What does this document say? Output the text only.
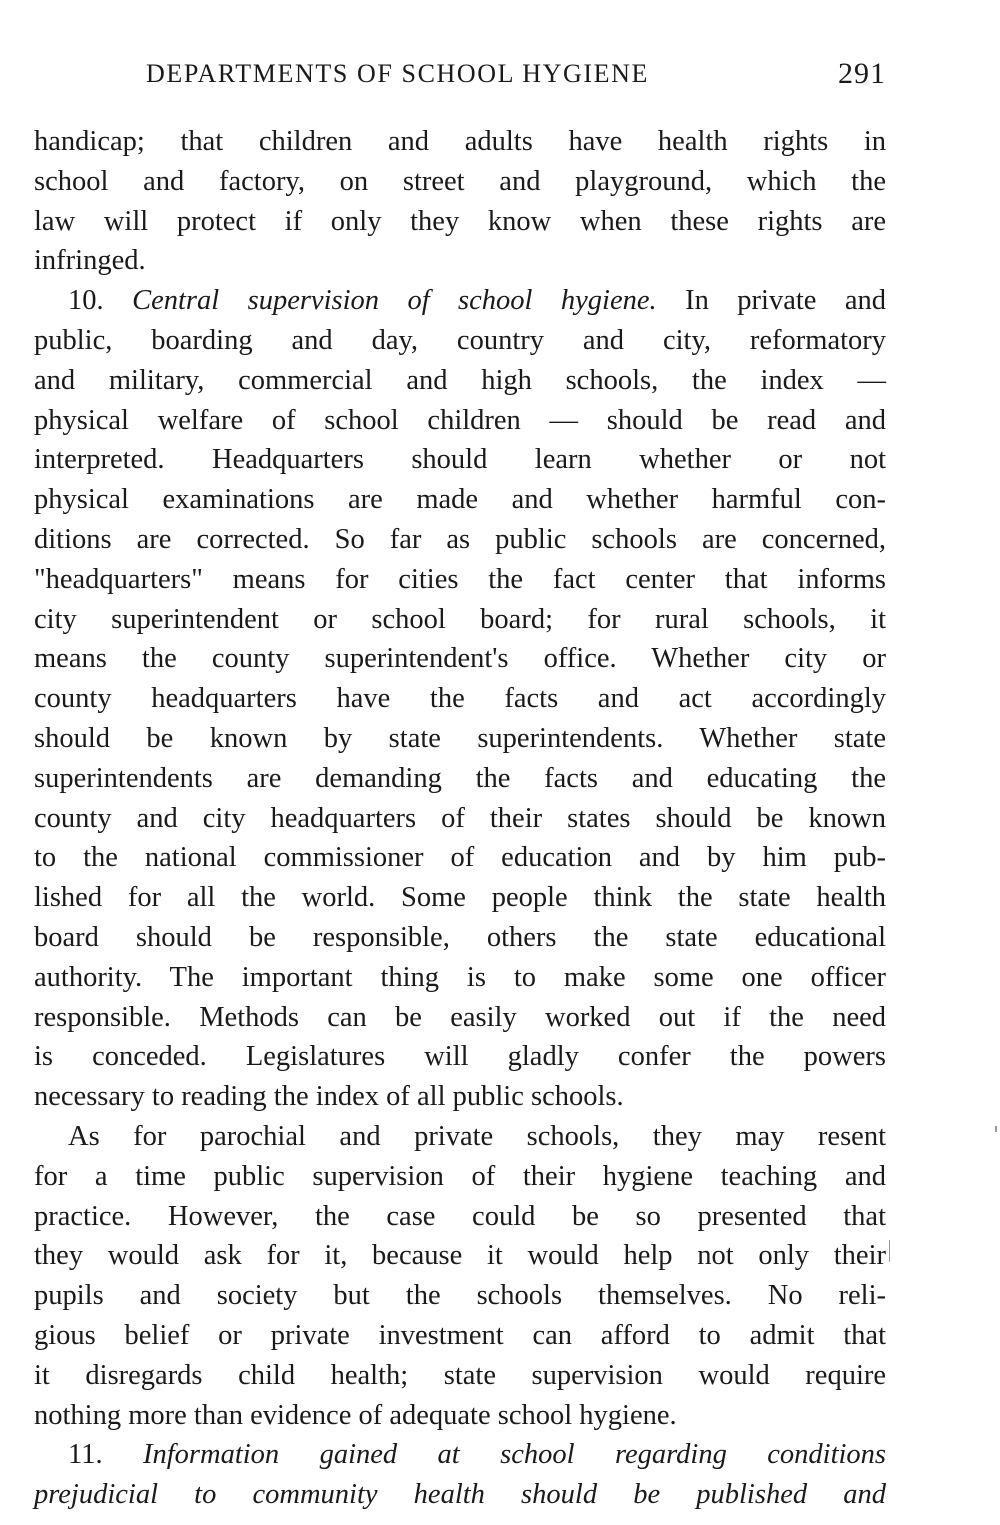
DEPARTMENTS OF SCHOOL HYGIENE	291
handicap; that children and adults have health rights in
school and factory, on street and playground, which the
law will protect if only they know when these rights are
infringed.
10. Central supervision of school hygiene. In private and
public, boarding and day, country and city, reformatory
and military, commercial and high schools, the index —
physical welfare of school children — should be read and
interpreted. Headquarters should learn whether or not
physical examinations are made and whether harmful con-
ditions are corrected. So far as public schools are concerned,
"headquarters" means for cities the fact center that informs
city superintendent or school board; for rural schools, it
means the county superintendent's office. Whether city or
county headquarters have the facts and act accordingly
should be known by state superintendents. Whether state
superintendents are demanding the facts and educating the
county and city headquarters of their states should be known
to the national commissioner of education and by him pub-
lished for all the world. Some people think the state health
board should be responsible, others the state educational
authority. The important thing is to make some one officer
responsible. Methods can be easily worked out if the need
is conceded. Legislatures will gladly confer the powers
necessary to reading the index of all public schools.
As for parochial and private schools, they may resent
for a time public supervision of their hygiene teaching and
practice. However, the case could be so presented that
they would ask for it, because it would help not only their
pupils and society but the schools themselves. No reli-
gious belief or private investment can afford to admit that
it disregards child health; state supervision would require
nothing more than evidence of adequate school hygiene.
11. Information gained at school regarding conditions
prejudicial to community health should be published and
